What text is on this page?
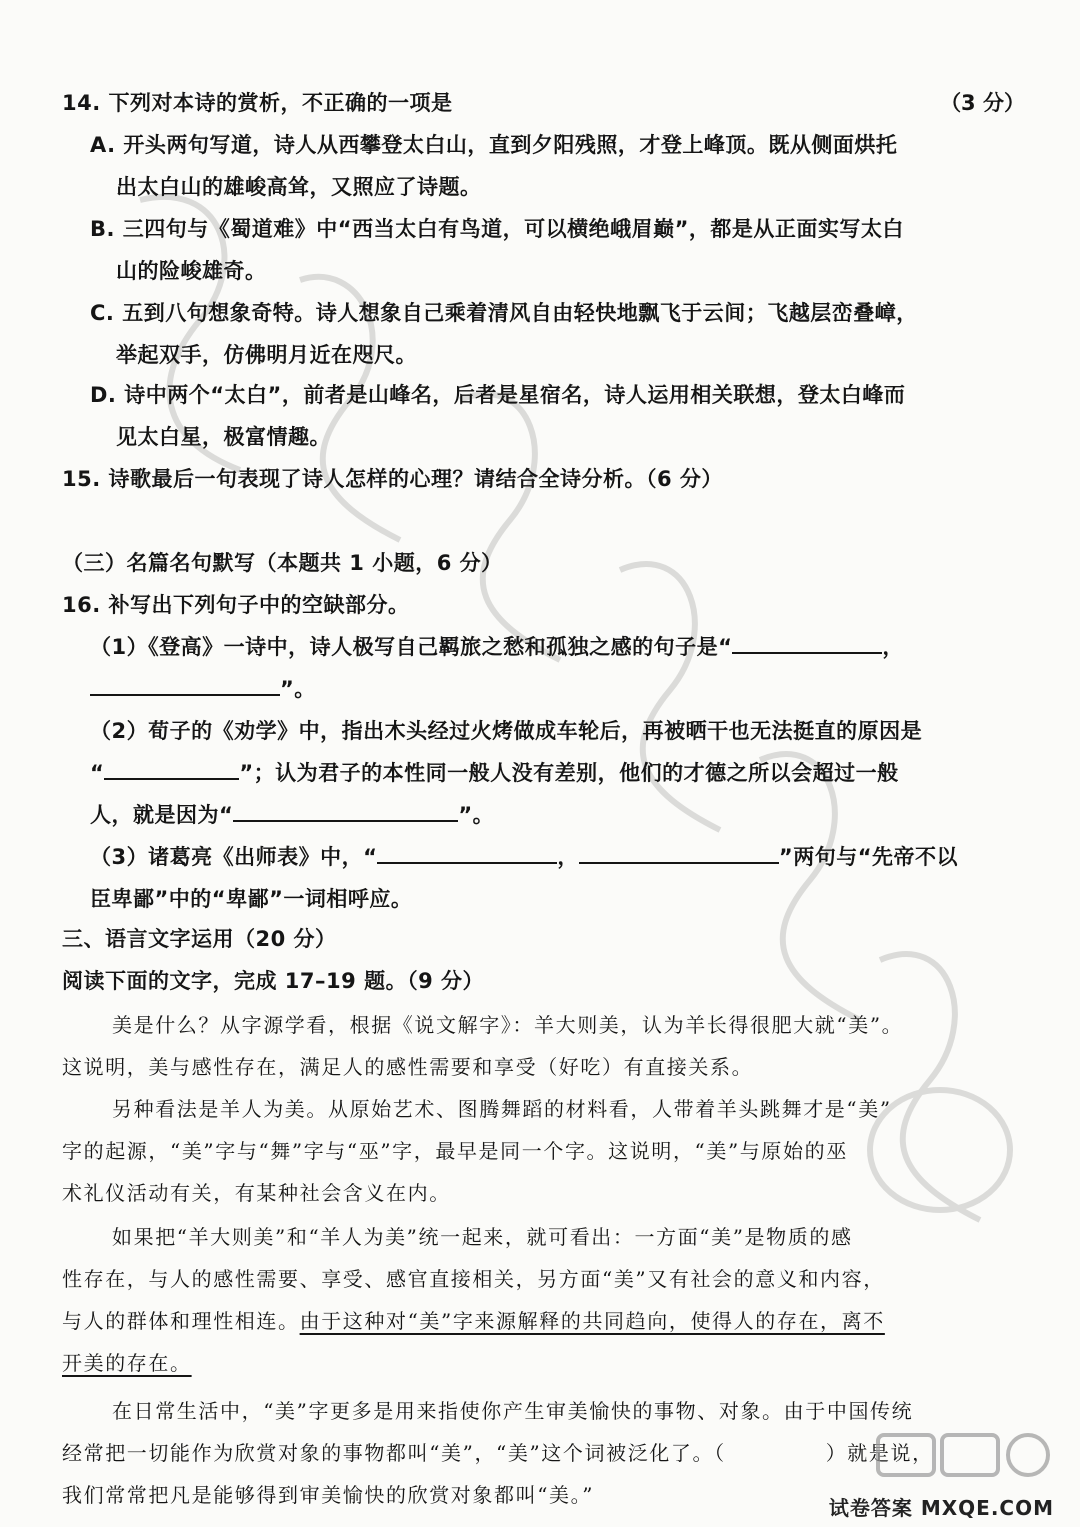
14. 下列对本诗的赏析，不正确的一项是	（3 分）
A. 开头两句写道，诗人从西攀登太白山，直到夕阳残照，才登上峰顶。既从侧面烘托
出太白山的雄峻高耸，又照应了诗题。
B. 三四句与《蜀道难》中“西当太白有鸟道，可以横绝峨眉巅”，都是从正面实写太白
山的险峻雄奇。
C. 五到八句想象奇特。诗人想象自己乘着清风自由轻快地飘飞于云间；飞越层峦叠嶂，
举起双手，仿佛明月近在咫尺。
D. 诗中两个“太白”，前者是山峰名，后者是星宿名，诗人运用相关联想，登太白峰而
见太白星，极富情趣。
15. 诗歌最后一句表现了诗人怎样的心理？请结合全诗分析。（6 分）
（三）名篇名句默写（本题共 1 小题，6 分）
16. 补写出下列句子中的空缺部分。
（1）《登高》一诗中，诗人极写自己羁旅之愁和孤独之感的句子是“	，
”。
（2）荀子的《劝学》中，指出木头经过火烤做成车轮后，再被晒干也无法挺直的原因是
“	”；认为君子的本性同一般人没有差别，他们的才德之所以会超过一般
人，就是因为“	”。
（3）诸葛亮《出师表》中，“	，	”两句与“先帝不以
臣卑鄙”中的“卑鄙”一词相呼应。
三、语言文字运用（20 分）
阅读下面的文字，完成 17–19 题。（9 分）
美是什么？从字源学看，根据《说文解字》：羊大则美，认为羊长得很肥大就“美”。
这说明，美与感性存在，满足人的感性需要和享受（好吃）有直接关系。
另种看法是羊人为美。从原始艺术、图腾舞蹈的材料看，人带着羊头跳舞才是“美”
字的起源，“美”字与“舞”字与“巫”字，最早是同一个字。这说明，“美”与原始的巫
术礼仪活动有关，有某种社会含义在内。
如果把“羊大则美”和“羊人为美”统一起来，就可看出：一方面“美”是物质的感
性存在，与人的感性需要、享受、感官直接相关，另方面“美”又有社会的意义和内容，
与人的群体和理性相连。由于这种对“美”字来源解释的共同趋向，使得人的存在，离不
开美的存在。
在日常生活中，“美”字更多是用来指使你产生审美愉快的事物、对象。由于中国传统
经常把一切能作为欣赏对象的事物都叫“美”，“美”这个词被泛化了。（	）就是说，
我们常常把凡是能够得到审美愉快的欣赏对象都叫“美。”
试卷答案 MXQE.COM
